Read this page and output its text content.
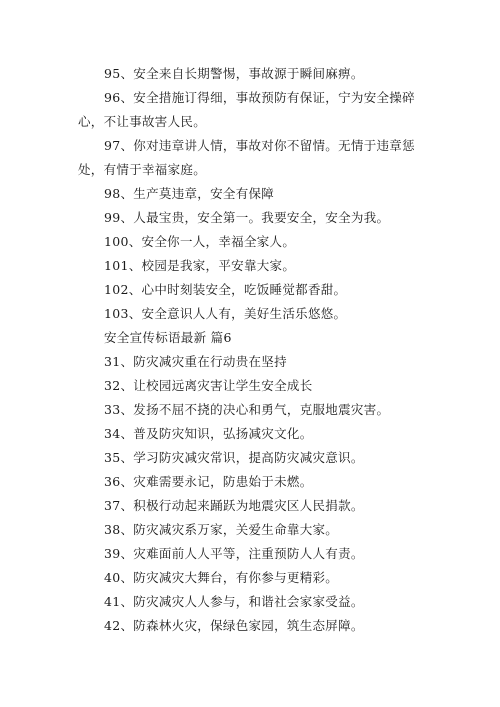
95、安全来自长期警惕，事故源于瞬间麻痹。
96、安全措施订得细，事故预防有保证，宁为安全操碎
心，不让事故害人民。
97、你对违章讲人情，事故对你不留情。无情于违章惩
处，有情于幸福家庭。
98、生产莫违章，安全有保障
99、人最宝贵，安全第一。我要安全，安全为我。
100、安全你一人，幸福全家人。
101、校园是我家，平安靠大家。
102、心中时刻装安全，吃饭睡觉都香甜。
103、安全意识人人有，美好生活乐悠悠。
安全宣传标语最新 篇6
31、防灾减灾重在行动贵在坚持
32、让校园远离灾害让学生安全成长
33、发扬不屈不挠的决心和勇气，克服地震灾害。
34、普及防灾知识，弘扬减灾文化。
35、学习防灾减灾常识，提高防灾减灾意识。
36、灾难需要永记，防患始于未燃。
37、积极行动起来踊跃为地震灾区人民捐款。
38、防灾减灾系万家，关爱生命靠大家。
39、灾难面前人人平等，注重预防人人有责。
40、防灾减灾大舞台，有你参与更精彩。
41、防灾减灾人人参与，和谐社会家家受益。
42、防森林火灾，保绿色家园，筑生态屏障。
